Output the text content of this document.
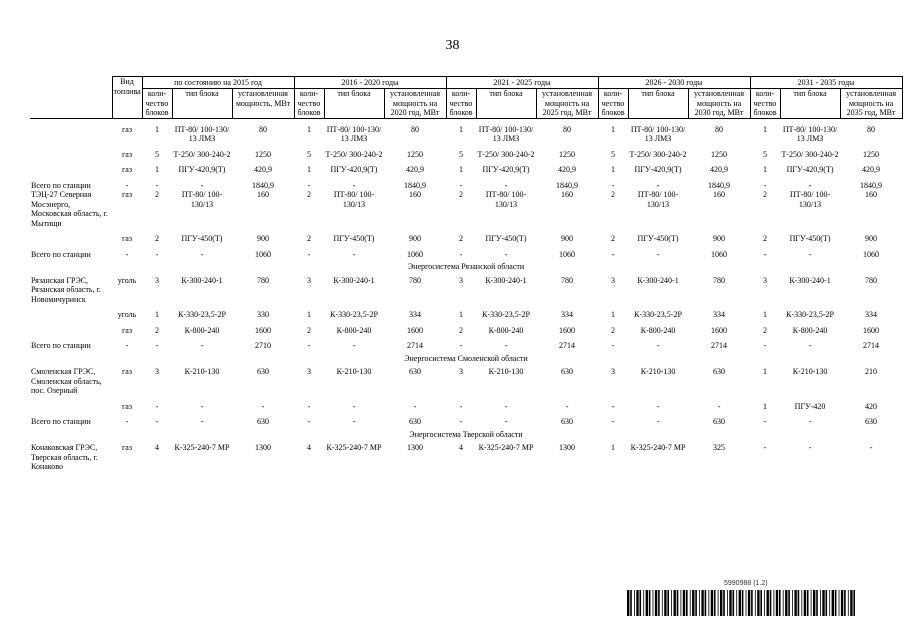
38
	Вид топлива	по состоянию на 2015 год			2016 - 2020 годы			2021 - 2025 годы			2026 - 2030 годы			2031 - 2035 годы		
		коли-чество блоков	тип блока	установленная мощность, МВт	коли-чество блоков	тип блока	установленная мощность на 2020 год, МВт	коли-чество блоков	тип блока	установленная мощность на 2025 год, МВт	коли-чество блоков	тип блока	установленная мощность на 2030 год, МВт	коли-чество блоков	тип блока	установленная мощность на 2035 год, МВт

	газ	1	ПТ-80/ 100-130/ 13 ЛМЗ	80	1	ПТ-80/ 100-130/ 13 ЛМЗ	80	1	ПТ-80/ 100-130/ 13 ЛМЗ	80	1	ПТ-80/ 100-130/ 13 ЛМЗ	80	1	ПТ-80/ 100-130/ 13 ЛМЗ	80

	газ	5	Т-250/ 300-240-2	1250	5	Т-250/ 300-240-2	1250	5	Т-250/ 300-240-2	1250	5	Т-250/ 300-240-2	1250	5	Т-250/ 300-240-2	1250

	газ	1	ПГУ-420,9(Т)	420,9	1	ПГУ-420,9(Т)	420,9	1	ПГУ-420,9(Т)	420,9	1	ПГУ-420,9(Т)	420,9	1	ПГУ-420,9(Т)	420,9

Всего по станции	-	-	-	1840,9	-	-	1840,9	-	-	1840,9	-	-	1840,9	-	-	1840,9
ТЭЦ-27 Северная Мосэнерго, Московская область, г. Мытищи	газ	2	ПТ-80/ 100-130/13	160	2	ПТ-80/ 100-130/13	160	2	ПТ-80/ 100-130/13	160	2	ПТ-80/ 100-130/13	160	2	ПТ-80/ 100-130/13	160

	газ	2	ПГУ-450(Т)	900	2	ПГУ-450(Т)	900	2	ПГУ-450(Т)	900	2	ПГУ-450(Т)	900	2	ПГУ-450(Т)	900

Всего по станции	-	-	-	1060	-	-	1060	-	-	1060	-	-	1060	-	-	1060
Энергосистема Рязанской области																
Рязанская ГРЭС, Рязанская область, г. Новомичуринск	уголь	3	К-300-240-1	780	3	К-300-240-1	780	3	К-300-240-1	780	3	К-300-240-1	780	3	К-300-240-1	780

	уголь	1	К-330-23,5-2Р	330	1	К-330-23,5-2Р	334	1	К-330-23,5-2Р	334	1	К-330-23,5-2Р	334	1	К-330-23,5-2Р	334

	газ	2	К-800-240	1600	2	К-800-240	1600	2	К-800-240	1600	2	К-800-240	1600	2	К-800-240	1600

Всего по станции	-	-	-	2710	-	-	2714	-	-	2714	-	-	2714	-	-	2714
Энергосистема Смоленской области																
Смоленская ГРЭС, Смоленская область, пос. Озерный	газ	3	К-210-130	630	3	К-210-130	630	3	К-210-130	630	3	К-210-130	630	1	К-210-130	210

	газ	-	-	-	-	-	-	-	-	-	-	-	-	1	ПГУ-420	420

Всего по станции	-	-	-	630	-	-	630	-	-	630	-	-	630	-	-	630
Энергосистема Тверской области																
Конаковская ГРЭС, Тверская область, г. Конаково	газ	4	К-325-240-7 МР	1300	4	К-325-240-7 МР	1300	4	К-325-240-7 МР	1300	1	К-325-240-7 МР	325	-	-	-

5990988 (1.2)
